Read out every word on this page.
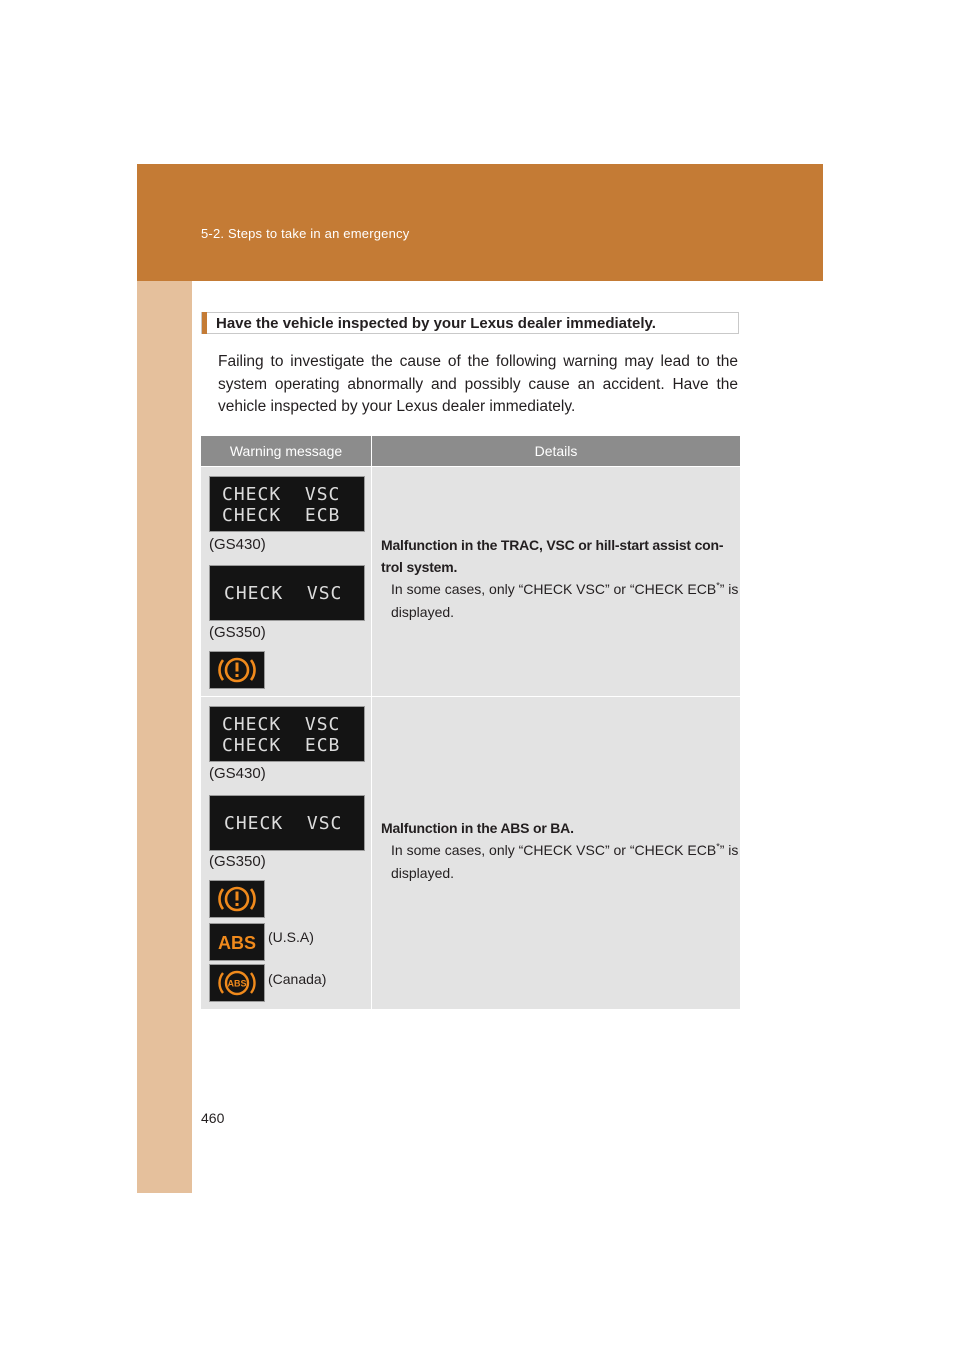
5-2. Steps to take in an emergency
460
Have the vehicle inspected by your Lexus dealer immediately.
Failing to investigate the cause of the following warning may lead to the system operating abnormally and possibly cause an accident. Have the vehicle inspected by your Lexus dealer immediately.
Warning message	Details
CHECK  VSC
CHECK  ECB
(GS430)
CHECK  VSC
(GS350)
Malfunction in the TRAC, VSC or hill-start assist con-trol system.
In some cases, only “CHECK VSC” or “CHECK ECB*” is displayed.
CHECK  VSC
CHECK  ECB
(GS430)
CHECK  VSC
(GS350)
ABS (U.S.A)
ABS (Canada)
Malfunction in the ABS or BA.
In some cases, only “CHECK VSC” or “CHECK ECB*” is displayed.
